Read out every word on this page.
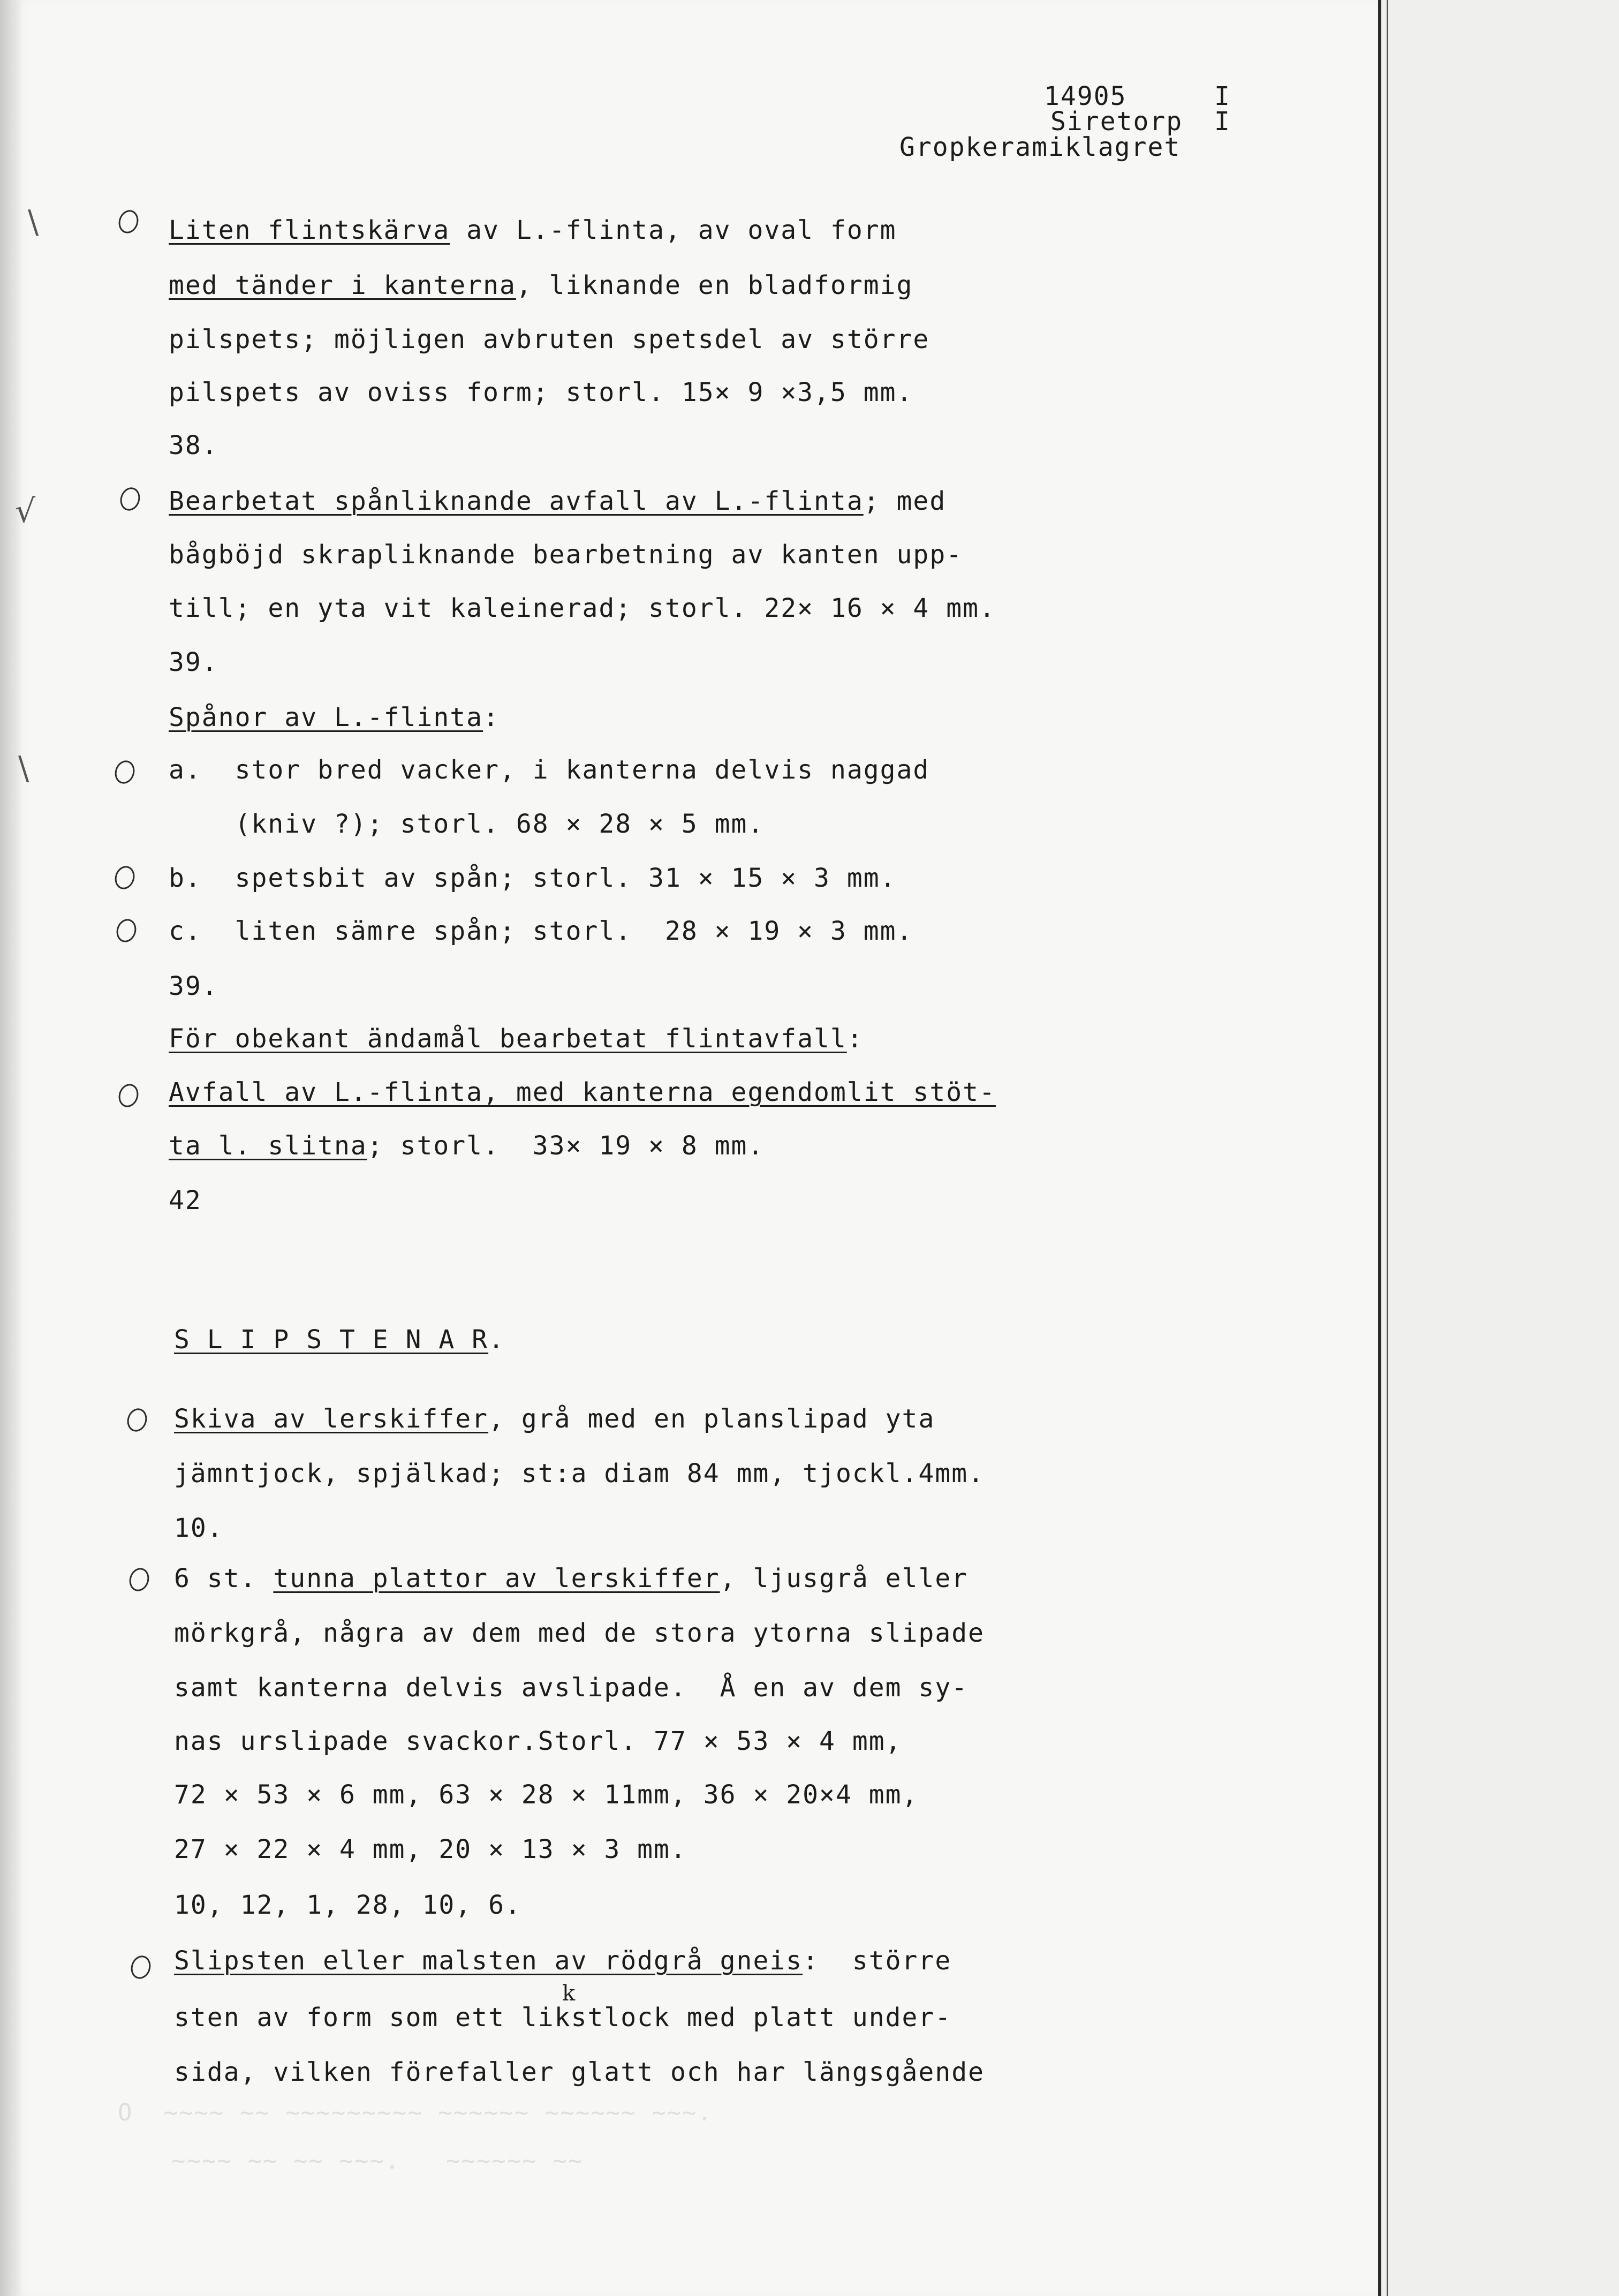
14905	I
Siretorp I
Gropkeramiklagret
\
√
\

Liten flintskärva av L.-flinta, av oval form

med tänder i kanterna, liknande en bladformig

pilspets; möjligen avbruten spetsdel av större

pilspets av oviss form; storl. 15× 9 ×3,5 mm.

38.

Bearbetat spånliknande avfall av L.-flinta; med

bågböjd skrapliknande bearbetning av kanten upp-

till; en yta vit kaleinerad; storl. 22× 16 × 4 mm.

39.

Spånor av L.-flinta:

a.  stor bred vacker, i kanterna delvis naggad

(kniv ?); storl. 68 × 28 × 5 mm.

b.  spetsbit av spån; storl. 31 × 15 × 3 mm.

c.  liten sämre spån; storl.  28 × 19 × 3 mm.

39.

För obekant ändamål bearbetat flintavfall:

Avfall av L.-flinta, med kanterna egendomlit stöt-

ta l. slitna; storl.  33× 19 × 8 mm.

42

S L I P S T E N A R.

Skiva av lerskiffer, grå med en planslipad yta

jämntjock, spjälkad; st:a diam 84 mm, tjockl.4mm.

10.

6 st. tunna plattor av lerskiffer, ljusgrå eller

mörkgrå, några av dem med de stora ytorna slipade

samt kanterna delvis avslipade.  Å en av dem sy-

nas urslipade svackor.Storl. 77 × 53 × 4 mm,

72 × 53 × 6 mm, 63 × 28 × 11mm, 36 × 20×4 mm,

27 × 22 × 4 mm, 20 × 13 × 3 mm.

10, 12, 1, 28, 10, 6.

Slipsten eller malsten av rödgrå gneis:  större

k

sten av form som ett likstlock med platt under-

sida, vilken förefaller glatt och har längsgående

O  ~~~~ ~~ ~~~~~~~~~ ~~~~~~ ~~~~~~ ~~~.
~~~~ ~~ ~~ ~~~.   ~~~~~~ ~~
